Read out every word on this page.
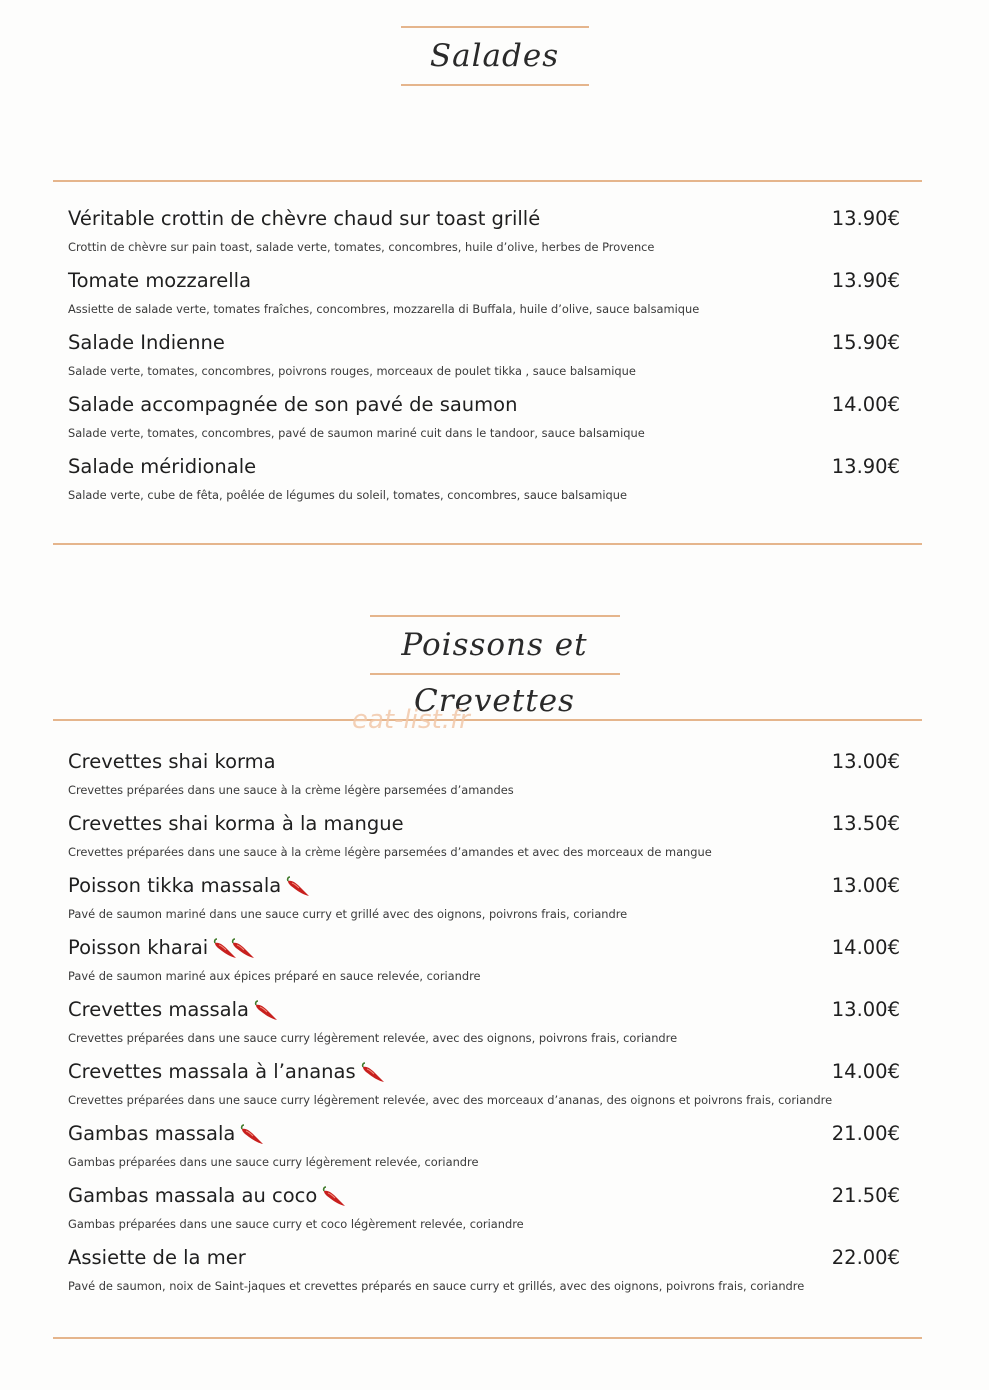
Salades
Véritable crottin de chèvre chaud sur toast grillé	13.90€
Crottin de chèvre sur pain toast, salade verte, tomates, concombres, huile d’olive, herbes de Provence
Tomate mozzarella	13.90€
Assiette de salade verte, tomates fraîches, concombres, mozzarella di Buffala, huile d’olive, sauce balsamique
Salade Indienne	15.90€
Salade verte, tomates, concombres, poivrons rouges, morceaux de poulet tikka , sauce balsamique
Salade accompagnée de son pavé de saumon	14.00€
Salade verte, tomates, concombres, pavé de saumon mariné cuit dans le tandoor, sauce balsamique
Salade méridionale	13.90€
Salade verte, cube de fêta, poêlée de légumes du soleil, tomates, concombres, sauce balsamique
Poissons et Crevettes
eat-list.fr
Crevettes shai korma	13.00€
Crevettes préparées dans une sauce à la crème légère parsemées d’amandes
Crevettes shai korma à la mangue	13.50€
Crevettes préparées dans une sauce à la crème légère parsemées d’amandes et avec des morceaux de mangue
Poisson tikka massala	13.00€
Pavé de saumon mariné dans une sauce curry et grillé avec des oignons, poivrons frais, coriandre
Poisson kharai	14.00€
Pavé de saumon mariné aux épices préparé en sauce relevée, coriandre
Crevettes massala	13.00€
Crevettes préparées dans une sauce curry légèrement relevée, avec des oignons, poivrons frais, coriandre
Crevettes massala à l’ananas	14.00€
Crevettes préparées dans une sauce curry légèrement relevée, avec des morceaux d’ananas, des oignons et poivrons frais, coriandre
Gambas massala	21.00€
Gambas préparées dans une sauce curry légèrement relevée, coriandre
Gambas massala au coco	21.50€
Gambas préparées dans une sauce curry et coco légèrement relevée, coriandre
Assiette de la mer	22.00€
Pavé de saumon, noix de Saint-jaques et crevettes préparés en sauce curry et grillés, avec des oignons, poivrons frais, coriandre
